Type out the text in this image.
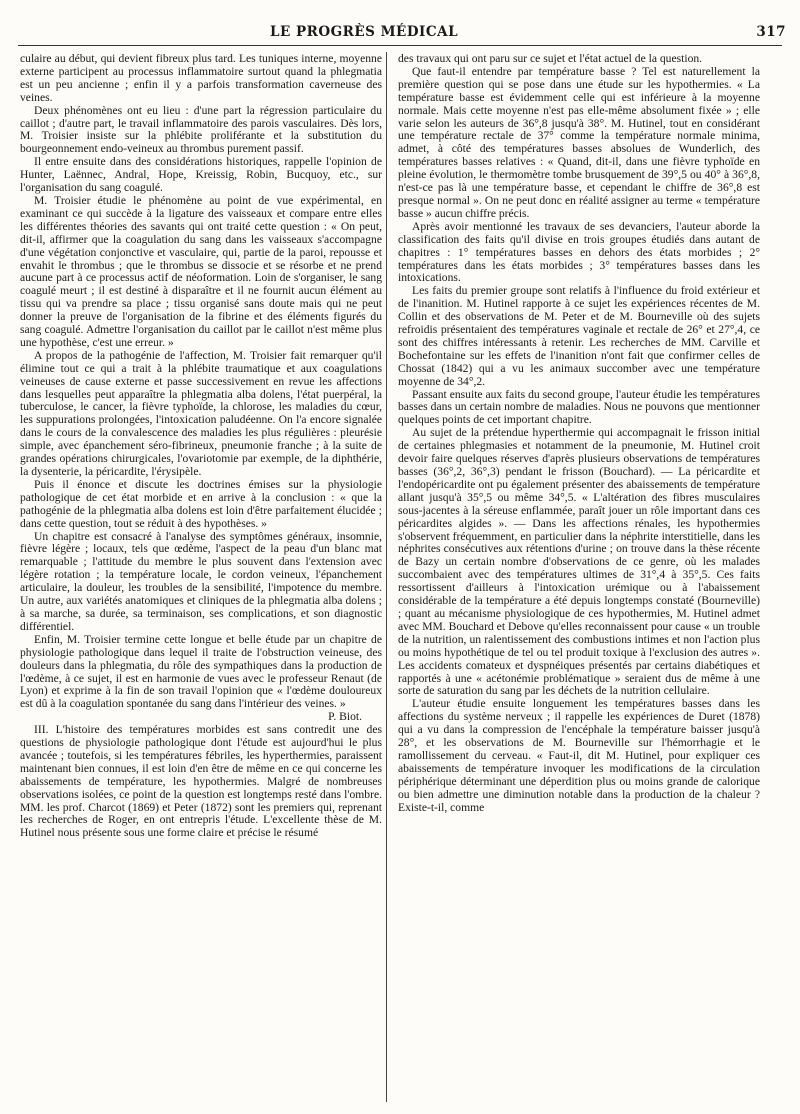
LE PROGRÈS MÉDICAL	317

culaire au début, qui devient fibreux plus tard. Les tuniques interne, moyenne externe participent au processus inflammatoire surtout quand la phlegmatia est un peu ancienne ; enfin il y a parfois transformation caverneuse des veines.

Deux phénomènes ont eu lieu : d'une part la régression particulaire du caillot ; d'autre part, le travail inflammatoire des parois vasculaires. Dès lors, M. Troisier insiste sur la phlébite proliférante et la substitution du bourgeonnement endo-veineux au thrombus purement passif.

Il entre ensuite dans des considérations historiques, rappelle l'opinion de Hunter, Laënnec, Andral, Hope, Kreissig, Robin, Bucquoy, etc., sur l'organisation du sang coagulé.

M. Troisier étudie le phénomène au point de vue expérimental, en examinant ce qui succède à la ligature des vaisseaux et compare entre elles les différentes théories des savants qui ont traité cette question : « On peut, dit-il, affirmer que la coagulation du sang dans les vaisseaux s'accompagne d'une végétation conjonctive et vasculaire, qui, partie de la paroi, repousse et envahit le thrombus ; que le thrombus se dissocie et se résorbe et ne prend aucune part à ce processus actif de néoformation. Loin de s'organiser, le sang coagulé meurt ; il est destiné à disparaître et il ne fournit aucun élément au tissu qui va prendre sa place ; tissu organisé sans doute mais qui ne peut donner la preuve de l'organisation de la fibrine et des éléments figurés du sang coagulé. Admettre l'organisation du caillot par le caillot n'est même plus une hypothèse, c'est une erreur. »

A propos de la pathogénie de l'affection, M. Troisier fait remarquer qu'il élimine tout ce qui a trait à la phlébite traumatique et aux coagulations veineuses de cause externe et passe successivement en revue les affections dans lesquelles peut apparaître la phlegmatia alba dolens, l'état puerpéral, la tuberculose, le cancer, la fièvre typhoïde, la chlorose, les maladies du cœur, les suppurations prolongées, l'intoxication paludéenne. On l'a encore signalée dans le cours de la convalescence des maladies les plus régulières : pleurésie simple, avec épanchement séro-fibrineux, pneumonie franche ; à la suite de grandes opérations chirurgicales, l'ovariotomie par exemple, de la diphthérie, la dysenterie, la péricardite, l'érysipèle.

Puis il énonce et discute les doctrines émises sur la physiologie pathologique de cet état morbide et en arrive à la conclusion : « que la pathogénie de la phlegmatia alba dolens est loin d'être parfaitement élucidée ; dans cette question, tout se réduit à des hypothèses. »

Un chapitre est consacré à l'analyse des symptômes généraux, insomnie, fièvre légère ; locaux, tels que œdème, l'aspect de la peau d'un blanc mat remarquable ; l'attitude du membre le plus souvent dans l'extension avec légère rotation ; la température locale, le cordon veineux, l'épanchement articulaire, la douleur, les troubles de la sensibilité, l'impotence du membre. Un autre, aux variétés anatomiques et cliniques de la phlegmatia alba dolens ; à sa marche, sa durée, sa terminaison, ses complications, et son diagnostic différentiel.

Enfin, M. Troisier termine cette longue et belle étude par un chapitre de physiologie pathologique dans lequel il traite de l'obstruction veineuse, des douleurs dans la phlegmatia, du rôle des sympathiques dans la production de l'œdème, à ce sujet, il est en harmonie de vues avec le professeur Renaut (de Lyon) et exprime à la fin de son travail l'opinion que « l'œdème douloureux est dû à la coagulation spontanée du sang dans l'intérieur des veines. »

P. Biot.

III. L'histoire des températures morbides est sans contredit une des questions de physiologie pathologique dont l'étude est aujourd'hui le plus avancée ; toutefois, si les températures fébriles, les hyperthermies, paraissent maintenant bien connues, il est loin d'en être de même en ce qui concerne les abaissements de température, les hypothermies. Malgré de nombreuses observations isolées, ce point de la question est longtemps resté dans l'ombre. MM. les prof. Charcot (1869) et Peter (1872) sont les premiers qui, reprenant les recherches de Roger, en ont entrepris l'étude. L'excellente thèse de M. Hutinel nous présente sous une forme claire et précise le résumé

des travaux qui ont paru sur ce sujet et l'état actuel de la question.

Que faut-il entendre par température basse ? Tel est naturellement la première question qui se pose dans une étude sur les hypothermies. « La température basse est évidemment celle qui est inférieure à la moyenne normale. Mais cette moyenne n'est pas elle-même absolument fixée » ; elle varie selon les auteurs de 36°,8 jusqu'à 38°. M. Hutinel, tout en considérant une température rectale de 37° comme la température normale minima, admet, à côté des températures basses absolues de Wunderlich, des températures basses relatives : « Quand, dit-il, dans une fièvre typhoïde en pleine évolution, le thermomètre tombe brusquement de 39°,5 ou 40° à 36°,8, n'est-ce pas là une température basse, et cependant le chiffre de 36°,8 est presque normal ». On ne peut donc en réalité assigner au terme « température basse » aucun chiffre précis.

Après avoir mentionné les travaux de ses devanciers, l'auteur aborde la classification des faits qu'il divise en trois groupes étudiés dans autant de chapitres : 1° températures basses en dehors des états morbides ; 2° températures dans les états morbides ; 3° températures basses dans les intoxications.

Les faits du premier groupe sont relatifs à l'influence du froid extérieur et de l'inanition. M. Hutinel rapporte à ce sujet les expériences récentes de M. Collin et des observations de M. Peter et de M. Bourneville où des sujets refroidis présentaient des températures vaginale et rectale de 26° et 27°,4, ce sont des chiffres intéressants à retenir. Les recherches de MM. Carville et Bochefontaine sur les effets de l'inanition n'ont fait que confirmer celles de Chossat (1842) qui a vu les animaux succomber avec une température moyenne de 34°,2.

Passant ensuite aux faits du second groupe, l'auteur étudie les températures basses dans un certain nombre de maladies. Nous ne pouvons que mentionner quelques points de cet important chapitre.

Au sujet de la prétendue hyperthermie qui accompagnait le frisson initial de certaines phlegmasies et notamment de la pneumonie, M. Hutinel croit devoir faire quelques réserves d'après plusieurs observations de températures basses (36°,2, 36°,3) pendant le frisson (Bouchard). — La péricardite et l'endopéricardite ont pu également présenter des abaissements de température allant jusqu'à 35°,5 ou même 34°,5. « L'altération des fibres musculaires sous-jacentes à la séreuse enflammée, paraît jouer un rôle important dans ces péricardites algides ». — Dans les affections rénales, les hypothermies s'observent fréquemment, en particulier dans la néphrite interstitielle, dans les néphrites consécutives aux rétentions d'urine ; on trouve dans la thèse récente de Bazy un certain nombre d'observations de ce genre, où les malades succombaient avec des températures ultimes de 31°,4 à 35°,5. Ces faits ressortissent d'ailleurs à l'intoxication urémique ou à l'abaissement considérable de la température a été depuis longtemps constaté (Bourneville) ; quant au mécanisme physiologique de ces hypothermies, M. Hutinel admet avec MM. Bouchard et Debove qu'elles reconnaissent pour cause « un trouble de la nutrition, un ralentissement des combustions intimes et non l'action plus ou moins hypothétique de tel ou tel produit toxique à l'exclusion des autres ». Les accidents comateux et dyspnéiques présentés par certains diabétiques et rapportés à une « acétonémie problématique » seraient dus de même à une sorte de saturation du sang par les déchets de la nutrition cellulaire.

L'auteur étudie ensuite longuement les températures basses dans les affections du système nerveux ; il rappelle les expériences de Duret (1878) qui a vu dans la compression de l'encéphale la température baisser jusqu'à 28°, et les observations de M. Bourneville sur l'hémorrhagie et le ramollissement du cerveau. « Faut-il, dit M. Hutinel, pour expliquer ces abaissements de température invoquer les modifications de la circulation périphérique déterminant une déperdition plus ou moins grande de calorique ou bien admettre une diminution notable dans la production de la chaleur ? Existe-t-il, comme
